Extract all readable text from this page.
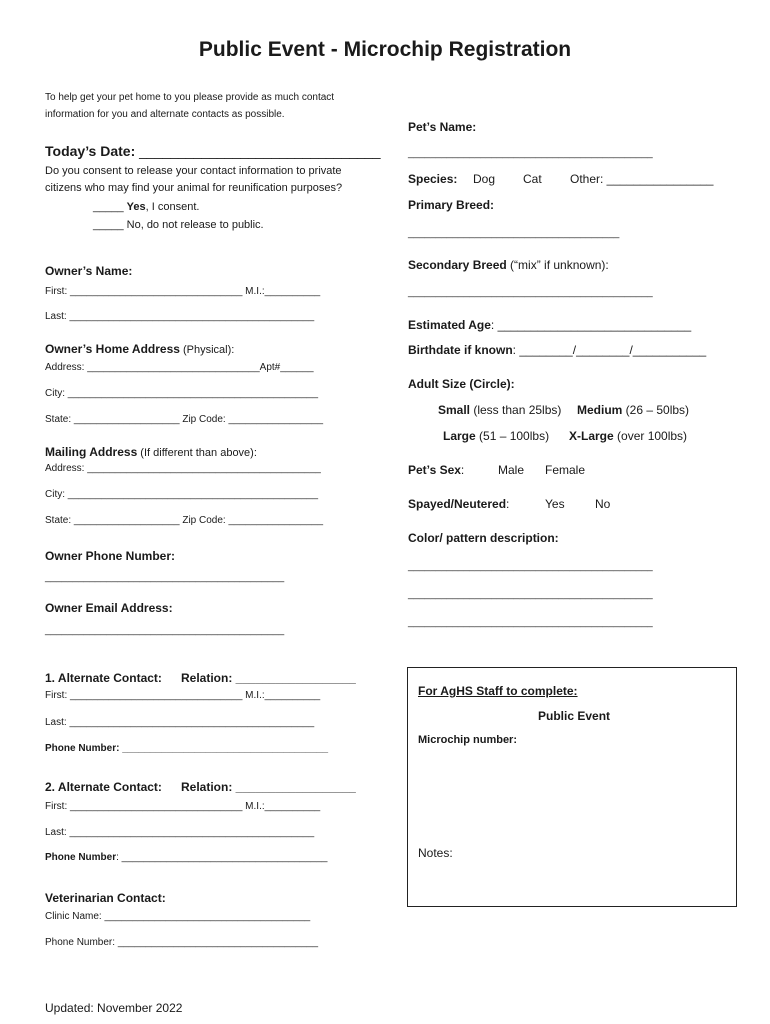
Public Event - Microchip Registration
To help get your pet home to you please provide as much contact
information for you and alternate contacts as possible.
Today’s Date: _______________________________
Do you consent to release your contact information to private
citizens who may find your animal for reunification purposes?
_____ Yes, I consent.
_____ No, do not release to public.
Owner’s Name:
First: _______________________________ M.I.:__________
Last: ____________________________________________
Owner’s Home Address (Physical):
Address: _______________________________Apt#______
City: _____________________________________________
State: ___________________ Zip Code: _________________
Mailing Address (If different than above):
Address: __________________________________________
City: _____________________________________________
State: ___________________ Zip Code: _________________
Owner Phone Number:
___________________________________________
Owner Email Address:
___________________________________________
1. Alternate Contact: Relation: __________________
First: _______________________________ M.I.:__________
Last: ____________________________________________
Phone Number: _____________________________________
2. Alternate Contact: Relation: __________________
First: _______________________________ M.I.:__________
Last: ____________________________________________
Phone Number: _____________________________________
Veterinarian Contact:
Clinic Name: _____________________________________
Phone Number: ____________________________________
Updated: November 2022
Pet’s Name:
____________________________________________
Species: Dog Cat Other: ________________
Primary Breed:
______________________________________
Secondary Breed (“mix” if unknown):
____________________________________________
Estimated Age: _____________________________
Birthdate if known: ________/________/___________
Adult Size (Circle):
Small (less than 25lbs) Medium (26 – 50lbs)
Large (51 – 100lbs) X-Large (over 100lbs)
Pet’s Sex:	Male Female
Spayed/Neutered:	Yes	No
Color/ pattern description:
____________________________________________
____________________________________________
____________________________________________
For AgHS Staff to complete:
Public Event
Microchip number:
Notes:
